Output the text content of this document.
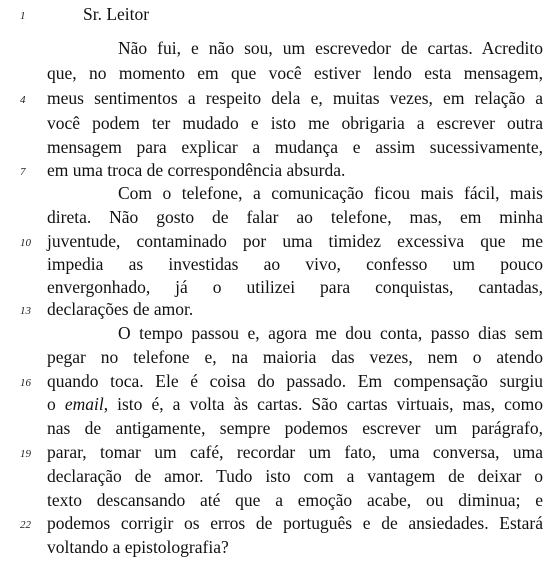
1	Sr. Leitor
Não fui, e não sou, um escrevedor de cartas. Acredito
que, no momento em que você estiver lendo esta mensagem,
4	meus sentimentos a respeito dela e, muitas vezes, em relação a
você podem ter mudado e isto me obrigaria a escrever outra
mensagem para explicar a mudança e assim sucessivamente,
7	em uma troca de correspondência absurda.
Com o telefone, a comunicação ficou mais fácil, mais
direta. Não gosto de falar ao telefone, mas, em minha
10 juventude, contaminado por uma timidez excessiva que me
impedia as investidas ao vivo, confesso um pouco
envergonhado, já o utilizei para conquistas, cantadas,
13 declarações de amor.
O tempo passou e, agora me dou conta, passo dias sem
pegar no telefone e, na maioria das vezes, nem o atendo
16 quando toca. Ele é coisa do passado. Em compensação surgiu
o email, isto é, a volta às cartas. São cartas virtuais, mas, como
nas de antigamente, sempre podemos escrever um parágrafo,
19 parar, tomar um café, recordar um fato, uma conversa, uma
declaração de amor. Tudo isto com a vantagem de deixar o
texto descansando até que a emoção acabe, ou diminua; e
22 podemos corrigir os erros de português e de ansiedades. Estará
voltando a epistolografia?
